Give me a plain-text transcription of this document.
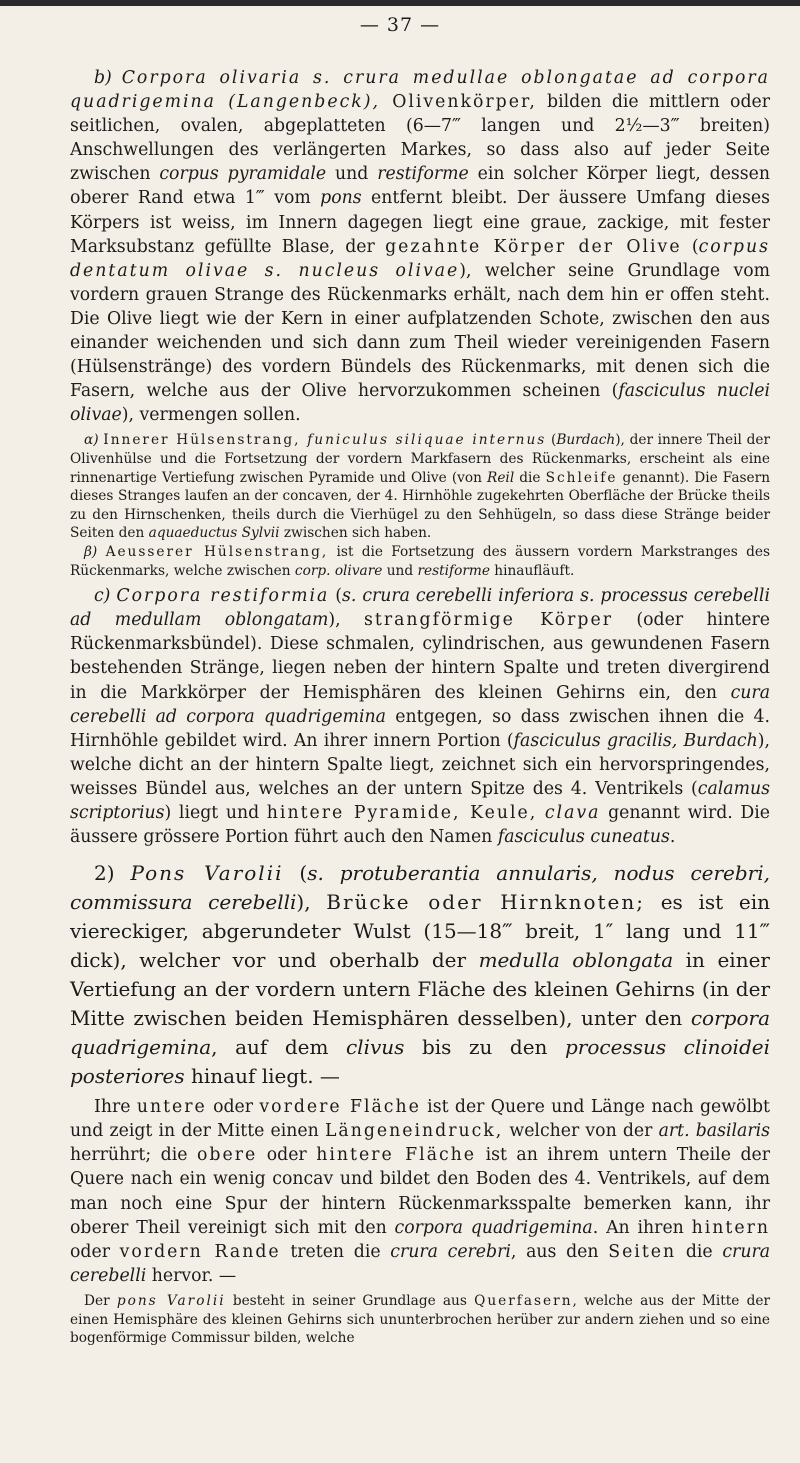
— 37 —

b) Corpora olivaria s. crura medullae oblongatae ad corpora quadrigemina (Langenbeck), Olivenkörper, bilden die mittlern oder seitlichen, ovalen, abgeplatteten (6—7‴ langen und 2½—3‴ breiten) Anschwellungen des verlängerten Markes, so dass also auf jeder Seite zwischen corpus pyramidale und restiforme ein solcher Körper liegt, dessen oberer Rand etwa 1‴ vom pons entfernt bleibt. Der äussere Umfang dieses Körpers ist weiss, im Innern dagegen liegt eine graue, zackige, mit fester Marksubstanz gefüllte Blase, der gezahnte Körper der Olive (corpus dentatum olivae s. nucleus olivae), welcher seine Grundlage vom vordern grauen Strange des Rückenmarks erhält, nach dem hin er offen steht. Die Olive liegt wie der Kern in einer aufplatzenden Schote, zwischen den aus einander weichenden und sich dann zum Theil wieder vereinigenden Fasern (Hülsenstränge) des vordern Bündels des Rückenmarks, mit denen sich die Fasern, welche aus der Olive hervorzukommen scheinen (fasciculus nuclei olivae), vermengen sollen.

α) Innerer Hülsenstrang, funiculus siliquae internus (Burdach), der innere Theil der Olivenhülse und die Fortsetzung der vordern Markfasern des Rückenmarks, erscheint als eine rinnenartige Vertiefung zwischen Pyramide und Olive (von Reil die Schleife genannt). Die Fasern dieses Stranges laufen an der concaven, der 4. Hirnhöhle zugekehrten Oberfläche der Brücke theils zu den Hirnschenken, theils durch die Vierhügel zu den Sehhügeln, so dass diese Stränge beider Seiten den aquaeductus Sylvii zwischen sich haben.

β) Aeusserer Hülsenstrang, ist die Fortsetzung des äussern vordern Markstranges des Rückenmarks, welche zwischen corp. olivare und restiforme hinaufläuft.

c) Corpora restiformia (s. crura cerebelli inferiora s. processus cerebelli ad medullam oblongatam), strangförmige Körper (oder hintere Rückenmarksbündel). Diese schmalen, cylindrischen, aus gewundenen Fasern bestehenden Stränge, liegen neben der hintern Spalte und treten divergirend in die Markkörper der Hemisphären des kleinen Gehirns ein, den cura cerebelli ad corpora quadrigemina entgegen, so dass zwischen ihnen die 4. Hirnhöhle gebildet wird. An ihrer innern Portion (fasciculus gracilis, Burdach), welche dicht an der hintern Spalte liegt, zeichnet sich ein hervorspringendes, weisses Bündel aus, welches an der untern Spitze des 4. Ventrikels (calamus scriptorius) liegt und hintere Pyramide, Keule, clava genannt wird. Die äussere grössere Portion führt auch den Namen fasciculus cuneatus.

2) Pons Varolii (s. protuberantia annularis, nodus cerebri, commissura cerebelli), Brücke oder Hirnknoten; es ist ein viereckiger, abgerundeter Wulst (15—18‴ breit, 1″ lang und 11‴ dick), welcher vor und oberhalb der medulla oblongata in einer Vertiefung an der vordern untern Fläche des kleinen Gehirns (in der Mitte zwischen beiden Hemisphären desselben), unter den corpora quadrigemina, auf dem clivus bis zu den processus clinoidei posteriores hinauf liegt. —

Ihre untere oder vordere Fläche ist der Quere und Länge nach gewölbt und zeigt in der Mitte einen Längeneindruck, welcher von der art. basilaris herrührt; die obere oder hintere Fläche ist an ihrem untern Theile der Quere nach ein wenig concav und bildet den Boden des 4. Ventrikels, auf dem man noch eine Spur der hintern Rückenmarksspalte bemerken kann, ihr oberer Theil vereinigt sich mit den corpora quadrigemina. An ihren hintern oder vordern Rande treten die crura cerebri, aus den Seiten die crura cerebelli hervor. —

Der pons Varolii besteht in seiner Grundlage aus Querfasern, welche aus der Mitte der einen Hemisphäre des kleinen Gehirns sich ununterbrochen herüber zur andern ziehen und so eine bogenförmige Commissur bilden, welche
